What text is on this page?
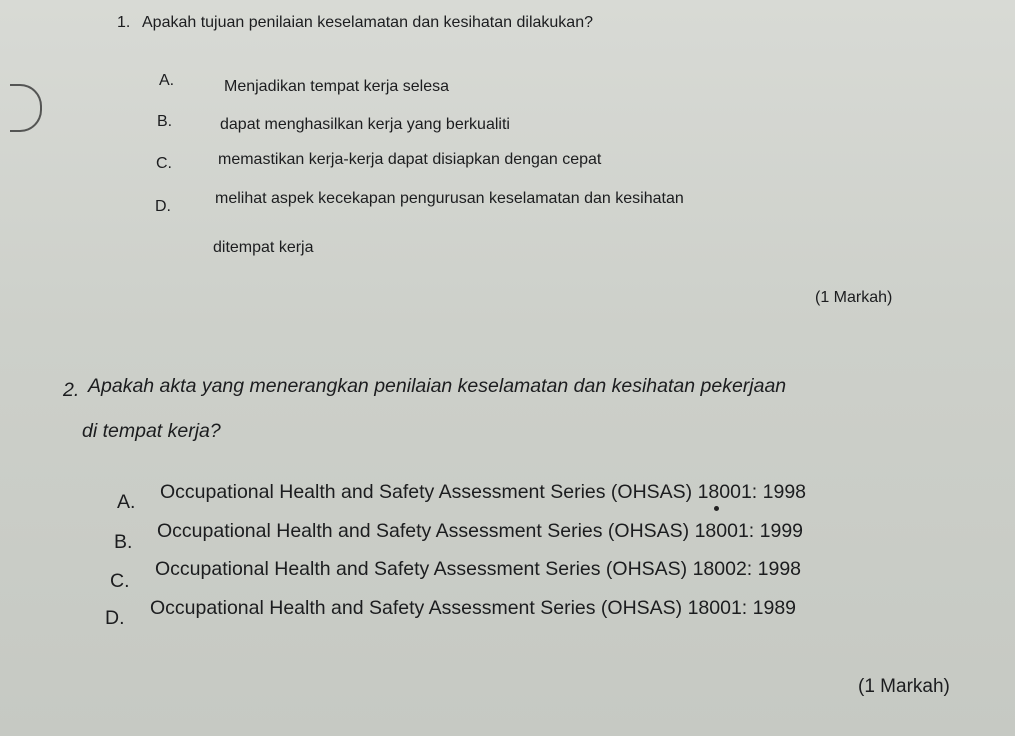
1. Apakah tujuan penilaian keselamatan dan kesihatan dilakukan?
A.	Menjadikan tempat kerja selesa
B.	dapat menghasilkan kerja yang berkualiti
C.	memastikan kerja-kerja dapat disiapkan dengan cepat
D.	melihat aspek kecekapan pengurusan keselamatan dan kesihatan
ditempat kerja
(1 Markah)
2. Apakah akta yang menerangkan penilaian keselamatan dan kesihatan pekerjaan
di tempat kerja?
A. Occupational Health and Safety Assessment Series (OHSAS) 18001: 1998
B. Occupational Health and Safety Assessment Series (OHSAS) 18001: 1999
C.
Occupational Health and Safety Assessment Series (OHSAS) 18002: 1998
D. Occupational Health and Safety Assessment Series (OHSAS) 18001: 1989
(1 Markah)
